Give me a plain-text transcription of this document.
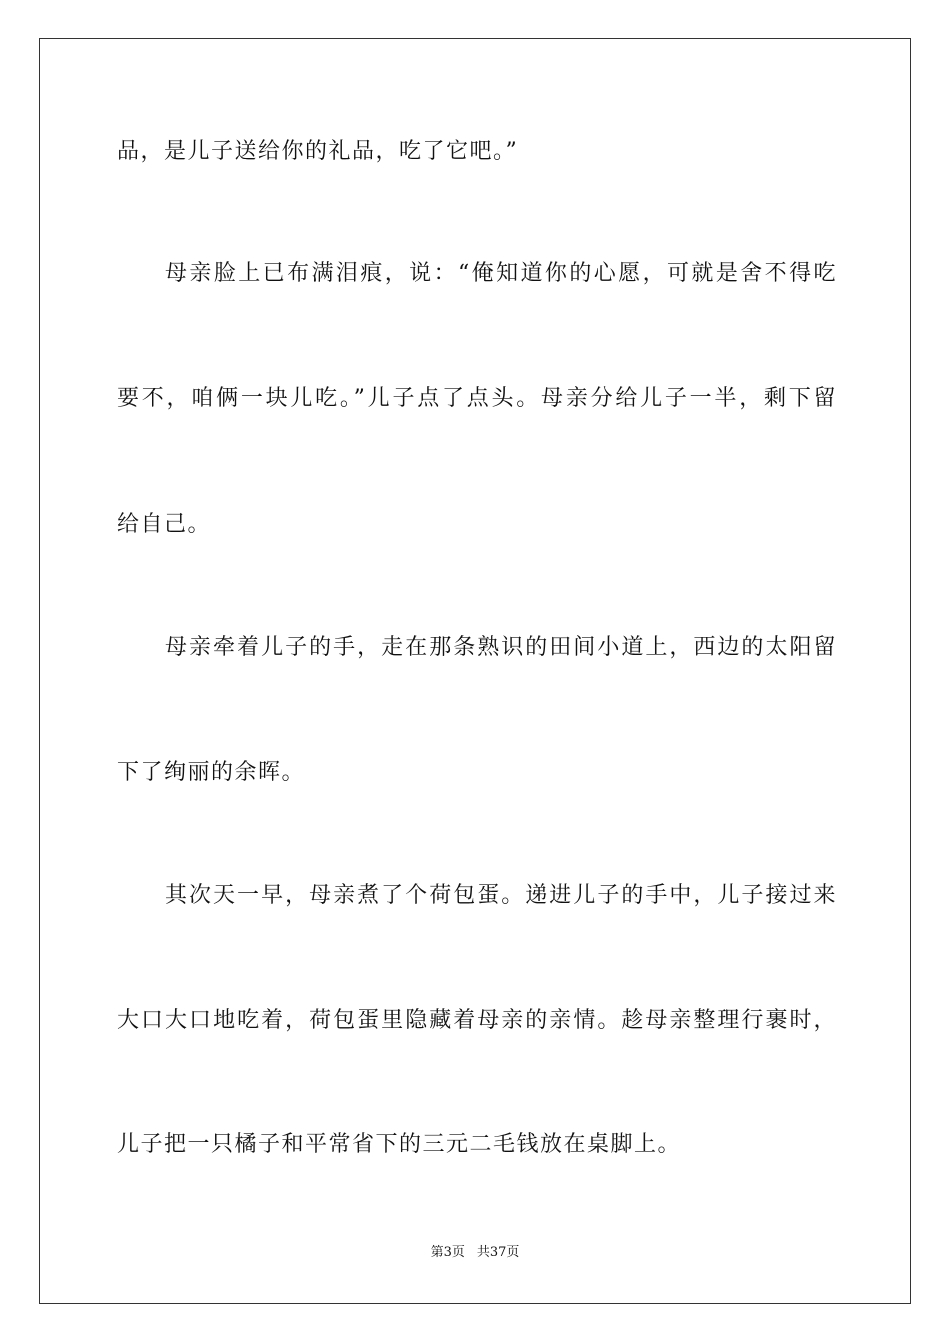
品，是儿子送给你的礼品，吃了它吧。”
母亲脸上已布满泪痕，说：“俺知道你的心愿，可就是舍不得吃
要不，咱俩一块儿吃。”儿子点了点头。母亲分给儿子一半，剩下留
给自己。
母亲牵着儿子的手，走在那条熟识的田间小道上，西边的太阳留
下了绚丽的余晖。
其次天一早，母亲煮了个荷包蛋。递进儿子的手中，儿子接过来
大口大口地吃着，荷包蛋里隐藏着母亲的亲情。趁母亲整理行裹时，
儿子把一只橘子和平常省下的三元二毛钱放在桌脚上。
第3页 共37页
